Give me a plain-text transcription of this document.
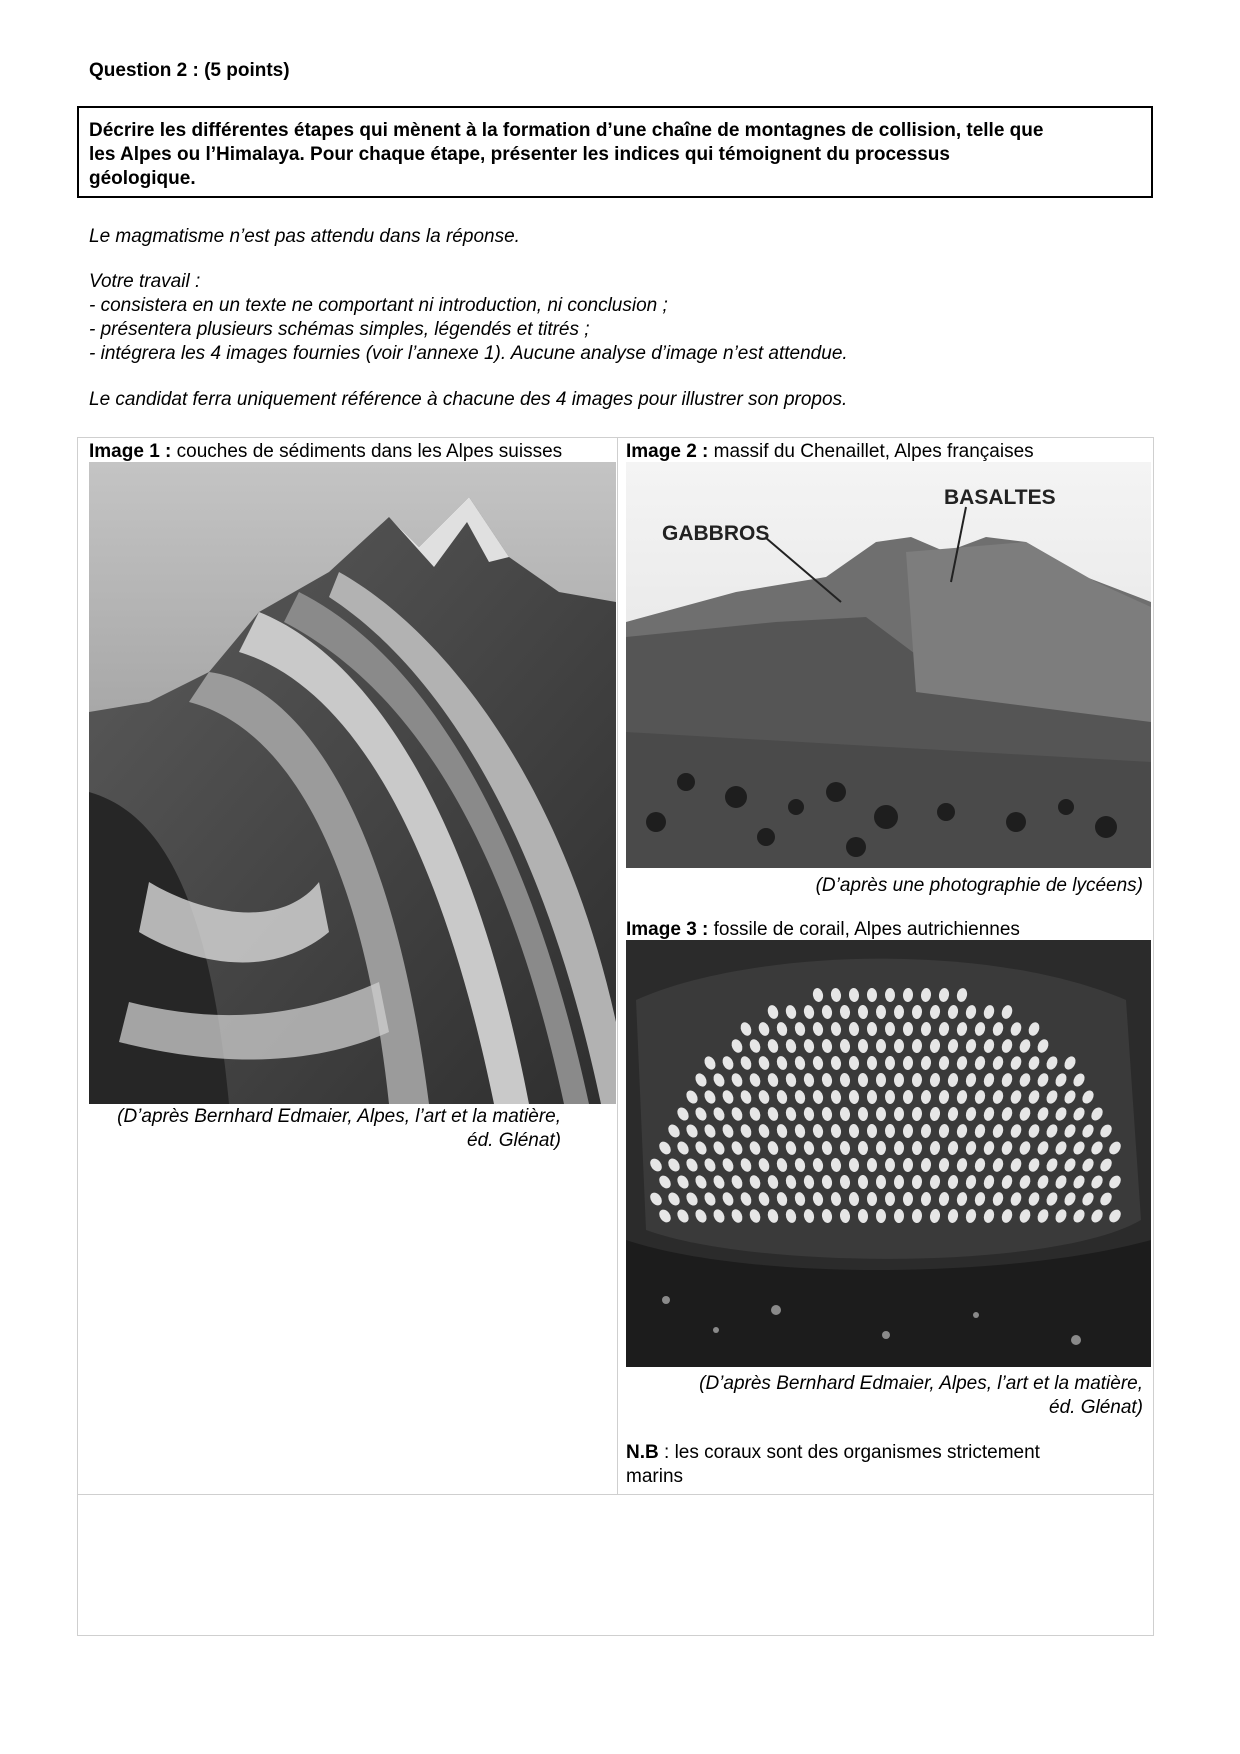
Question 2 : (5 points)
Décrire les différentes étapes qui mènent à la formation d’une chaîne de montagnes de collision, telle que
les Alpes ou l’Himalaya. Pour chaque étape, présenter les indices qui témoignent du processus
géologique.
Le magmatisme n’est pas attendu dans la réponse.
Votre travail :
- consistera en un texte ne comportant ni introduction, ni conclusion ;
- présentera plusieurs schémas simples, légendés et titrés ;
- intégrera les 4 images fournies (voir l’annexe 1). Aucune analyse d’image n’est attendue.
Le candidat ferra uniquement référence à chacune des 4 images pour illustrer son propos.
Image 1 : couches de sédiments dans les Alpes suisses
(D’après Bernhard Edmaier, Alpes, l’art et la matière,
éd. Glénat)
Image 2 : massif du Chenaillet, Alpes françaises
GABBROS
BASALTES
(D’après une photographie de lycéens)
Image 3 : fossile de corail, Alpes autrichiennes
(D’après Bernhard Edmaier, Alpes, l’art et la matière,
éd. Glénat)
N.B : les coraux sont des organismes strictement
marins
